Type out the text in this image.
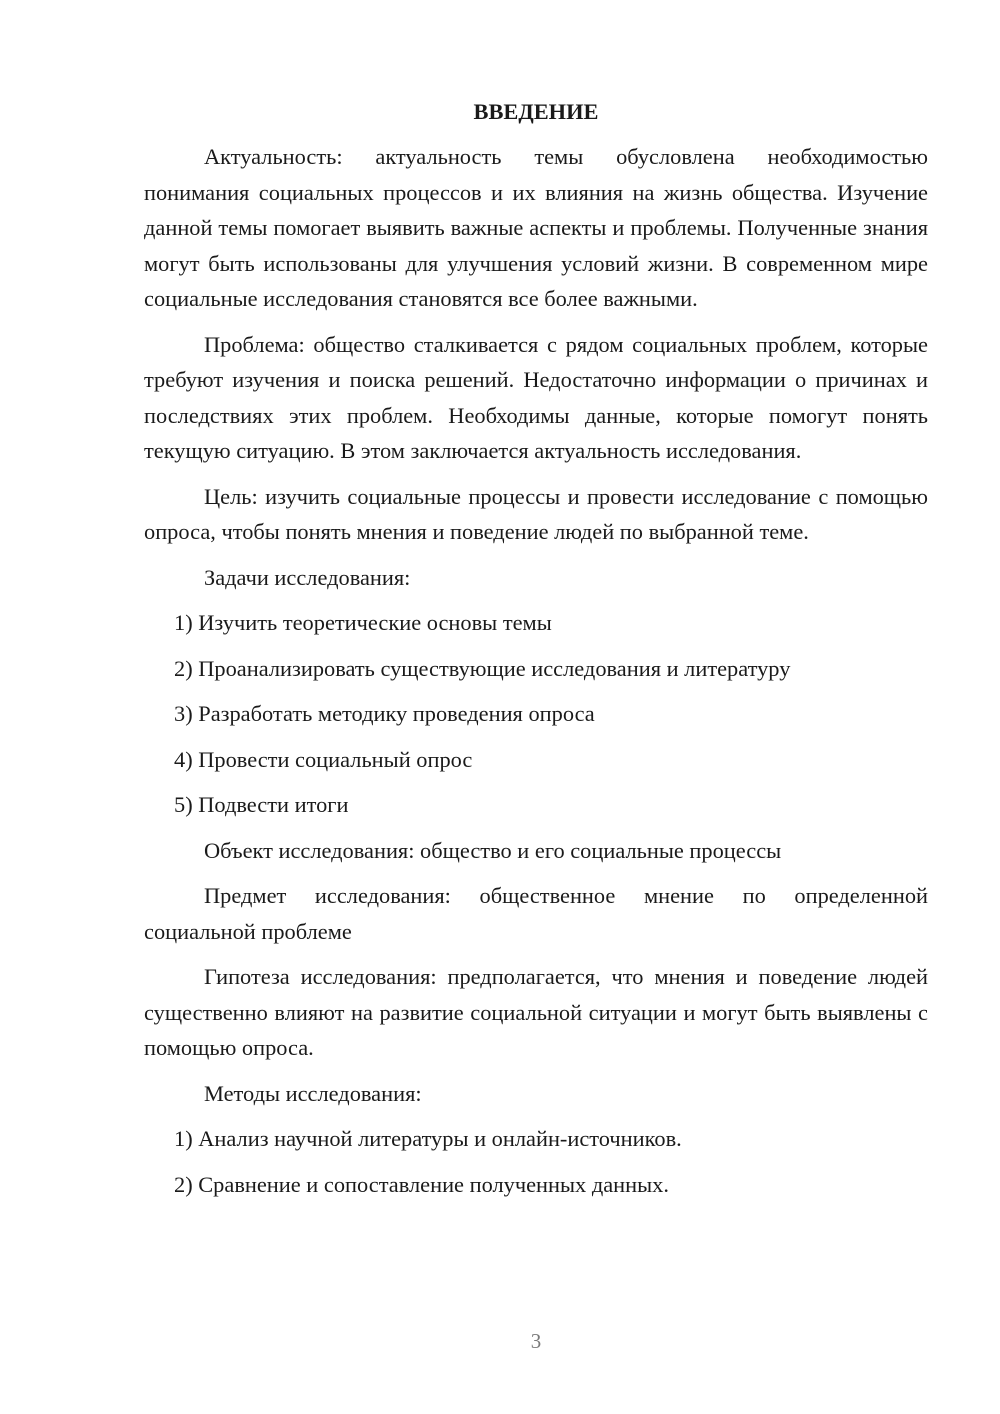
ВВЕДЕНИЕ

Актуальность: актуальность темы обусловлена необходимостью понимания социальных процессов и их влияния на жизнь общества. Изучение данной темы помогает выявить важные аспекты и проблемы. Полученные знания могут быть использованы для улучшения условий жизни. В современном мире социальные исследования становятся все более важными.

Проблема: общество сталкивается с рядом социальных проблем, которые требуют изучения и поиска решений. Недостаточно информации о причинах и последствиях этих проблем. Необходимы данные, которые помогут понять текущую ситуацию. В этом заключается актуальность исследования.

Цель: изучить социальные процессы и провести исследование с помощью опроса, чтобы понять мнения и поведение людей по выбранной теме.

Задачи исследования:

1) Изучить теоретические основы темы
2) Проанализировать существующие исследования и литературу
3) Разработать методику проведения опроса
4) Провести социальный опрос
5) Подвести итоги

Объект исследования: общество и его социальные процессы

Предмет исследования: общественное мнение по определенной социальной проблеме

Гипотеза исследования: предполагается, что мнения и поведение людей существенно влияют на развитие социальной ситуации и могут быть выявлены с помощью опроса.

Методы исследования:

1) Анализ научной литературы и онлайн-источников.
2) Сравнение и сопоставление полученных данных.
3
